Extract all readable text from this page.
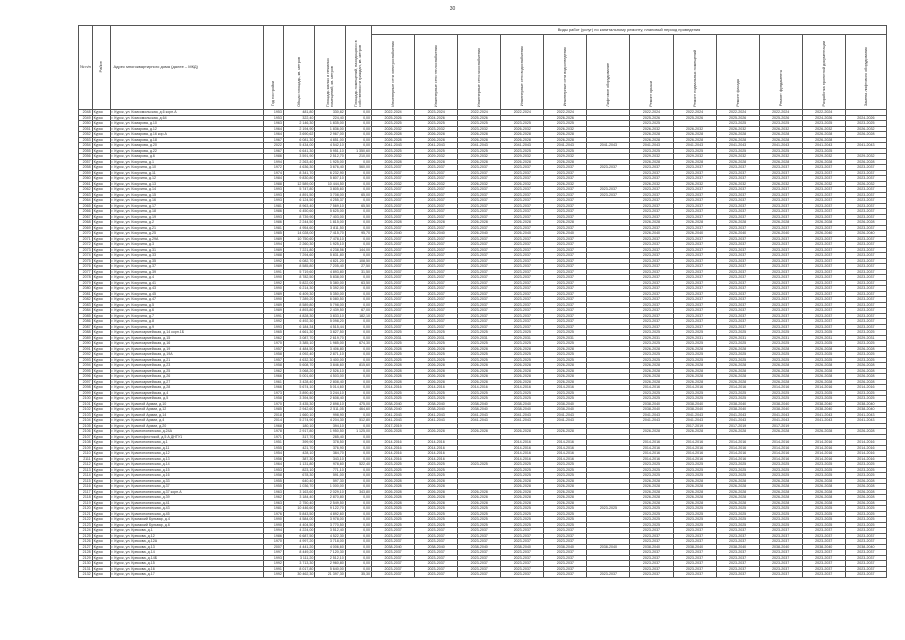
30
№ п/п	Район	Адрес многоквартирного дома (далее – МКД)	Год постройки	Общая площадь, кв. метров	Площадь жилых и нежилых помещений, кв. метров	Площадь помещений, находящихся в собственности граждан, кв. метров	Виды работ (услуг) по капитальному ремонту, плановый период проведения											
							Инженерные сети электроснабжения	Инженерные сети теплоснабжения	Инженерные сети газоснабжения	Инженерные сети водоснабжения	Инженерные сети водоотведения	Лифтовое оборудование	Ремонт крыши	Ремонт подвальных помещений	Ремонт фасада	Ремонт фундамента	Разработка проектной документации	Замена лифтового оборудования
2048	Курск	г. Курск, ул. Комсомольская, д.6 корп.А	1953	481,80	330,82	0,00	2022-2024	2023-2024	2022-2024	2022-2024	2022-2024		2022-2024	2022-2024	2022-2024	2022-2024	2022-2024	
2049	Курск	г. Курск, ул. Комсомольская, д.64	1953	322,40	224,40	0,00	2025-2026	2024-2026	2025-2026		2026-2026		2025-2026	2025-2026	2025-2026	2025-2026	2024-2026	2024-2026
2050	Курск	г. Курск, ул. Комарова, д.10	1963	2 146,30	1 835,00	0,00	2023-2025	2023-2025	2023-2025	2023-2025	2023-2025		2023-2025		2023-2025	2023-2025	2023-2025	2023-2025
2051	Курск	г. Курск, ул. Комарова, д.12	1964	2 194,90	1 836,00	0,00	2026-2032	2023-2032	2023-2032	2026-2032	2026-2032		2026-2032	2026-2032	2026-2032	2026-2032	2026-2032	2026-2032
2052	Курск	г. Курск, ул. Комарова, д.16 кор.А	1964	3 690,62	2 967,00	0,00	2026-2028	2026-2028	2026-2028	2026-2028	2026-2028		2026-2028	2026-2028	2026-2028	2026-2028	2026-2028	2026-2028
2053	Курск	г. Курск, ул. Комарова, д.18	1967	6 081,30	4 851,00	0,00	2026-2028	2026-2028	2026-2028	2026-2028	2026-2028		2026-2028	2026-2028	2026-2028	2026-2028	2026-2028	
2054	Курск	г. Курск, ул. Комарова, д.20	2022	5 434,00	4 542,10	0,00	2041-2043	2041-2043	2041-2043	2041-2043	2041-2043	2041-2043	2041-2043	2041-2043	2041-2043	2041-2043	2041-2043	2041-2043
2055	Курск	г. Курск, ул. Комарова, д.22	1967	6 641,30	5 951,10	1 350,60	2023-2025	2023-2025	2023-2025	2023-2025	2023-2025		2023-2025	2023-2025	2023-2025	2023-2025	2023-2025	
2056	Курск	г. Курск, ул. Комарова, д.6	1986	3 591,90	2 512,70	210,00	2029-2032	2029-2032	2029-2032	2029-2032	2029-2032		2029-2032	2029-2032	2029-2032	2029-2032	2029-2032	2029-2032
2057	Курск	г. Курск, ул. Косухина, д.1	1994	2 263,40	1 925,00	0,00	2026-2028	2026-2028	2026-2028	2026-2028	2026-2028		2026-2028	2026-2028	2026-2028	2026-2028	2026-2028	2026-2028
2058	Курск	г. Курск, ул. Косухина, д.10	1972	4 636,30	3 676,40	560,00	2023-2037	2023-2037	2023-2037	2023-2037	2023-2037	2023-2037	2023-2037	2023-2037	2023-2037	2023-2037	2023-2037	2023-2037
2059	Курск	г. Курск, ул. Косухина, д.11	1974	8 341,70	6 232,90	0,00	2023-2037	2023-2037	2023-2037	2023-2037	2023-2037		2023-2037	2023-2037	2023-2037	2023-2037	2023-2037	2023-2037
2060	Курск	г. Курск, ул. Косухина, д.12	1984	9 830,80	5 807,10	0,00	2023-2037	2023-2037	2023-2037	2023-2037	2023-2037		2023-2037	2023-2037	2023-2037	2023-2037	2023-2037	2023-2037
2061	Курск	г. Курск, ул. Косухина, д.13	1988	12 589,00	10 444,50	0,00	2026-2032	2026-2032	2026-2032	2026-2032	2026-2032		2026-2032	2026-2032	2026-2032	2026-2032	2026-2032	2026-2032
2062	Курск	г. Курск, ул. Косухина, д.14	1993	5 747,80	3 805,60	0,00	2023-2037	2023-2037	2023-2037	2023-2037	2023-2037	2023-2037	2023-2037	2023-2037	2023-2037	2023-2037	2023-2037	2023-2037
2063	Курск	г. Курск, ул. Косухина, д.15	1993	4 891,50	3 708,00	65,00	2023-2037	2023-2037	2023-2037	2023-2037	2023-2037	2023-2037	2023-2037	2023-2037	2023-2037	2023-2037	2023-2037	2023-2037
2064	Курск	г. Курск, ул. Косухина, д.16	1993	6 124,50	4 255,37	0,00	2023-2037	2023-2037	2023-2037	2023-2037	2023-2037		2023-2037	2023-2037	2023-2037	2023-2037	2023-2037	2023-2037
2065	Курск	г. Курск, ул. Косухина, д.17	1981	8 963,40	7 569,10	65,50	2023-2037	2023-2037	2023-2037	2023-2037	2023-2037		2023-2037	2023-2037	2023-2037	2023-2037	2023-2037	2023-2037
2066	Курск	г. Курск, ул. Косухина, д.18	1986	6 450,60	5 625,00	0,00	2023-2037	2023-2037	2023-2037	2023-2037	2023-2037		2023-2037	2023-2037	2023-2037	2023-2037	2023-2037	2023-2037
2067	Курск	г. Курск, ул. Косухина, д.19	1993	8 739,90	7 403,00	0,00	2023-2037	2023-2037	2023-2037	2023-2037	2023-2037		2023-2037	2023-2037	2023-2037	2023-2037	2023-2037	2023-2037
2068	Курск	г. Курск, ул. Косухина, д.2	1986	2 244,50	1 815,00	0,00	2026-2028	2026-2028	2026-2028	2026-2028	2026-2028		2026-2028	2026-2028	2026-2028	2026-2028	2026-2028	2026-2028
2069	Курск	г. Курск, ул. Косухина, д.21	1981	4 954,60	3 811,50	0,00	2023-2037	2023-2037	2023-2037	2023-2037	2023-2037		2023-2037	2023-2037	2023-2037	2023-2037	2023-2037	2023-2037
2070	Курск	г. Курск, ул. Косухина, д.25	1985	14 028,00	7 415,70	95,70	2026-2040	2026-2040	2026-2040	2026-2040	2026-2040		2026-2040	2026-2040	2026-2040	2026-2040	2026-2040	2026-2040
2071	Курск	г. Курск, ул. Косухина, д.29А	1989	10 750,60	7 478,10	0,00	2023-2037	2023-2037	2023-2037	2023-2037	2023-2037		2023-2037	2023-2037	2023-2037	2023-2037	2023-2037	2023-2037
2072	Курск	г. Курск, ул. Косухина, д.3	1994	2 260,30	1 925,10	0,00	2023-2037	2023-2037	2023-2037	2023-2037	2023-2037		2023-2037	2023-2037	2023-2037	2023-2037	2023-2037	2023-2037
2073	Курск	г. Курск, ул. Косухина, д.31	1989	7 221,80	4 238,56	144,00	2023-2037	2023-2037	2023-2037	2023-2037	2023-2037		2023-2037	2023-2037	2023-2037	2023-2037	2023-2037	2023-2037
2074	Курск	г. Курск, ул. Косухина, д.33	1988	7 294,60	5 831,80	0,00	2023-2037	2023-2037	2023-2037	2023-2037	2023-2037		2023-2037	2023-2037	2023-2037	2023-2037	2023-2037	2023-2037
2075	Курск	г. Курск, ул. Косухина, д.35	1992	6 082,70	4 821,20	108,50	2023-2037	2023-2037	2023-2037	2023-2037	2023-2037		2023-2037	2023-2037	2023-2037	2023-2037	2023-2037	2023-2037
2076	Курск	г. Курск, ул. Косухина, д.37	1989	8 585,80	7 205,40	27,50	2023-2037	2023-2037	2023-2037	2023-2037	2023-2037		2023-2037	2023-2037	2023-2037	2023-2037	2023-2037	2023-2037
2077	Курск	г. Курск, ул. Косухина, д.39	1991	5 719,60	4 893,80	31,50	2023-2037	2023-2037	2023-2037	2023-2037	2023-2037		2023-2037	2023-2037	2023-2037	2023-2037	2023-2037	2023-2037
2078	Курск	г. Курск, ул. Косухина, д.4	1990	8 782,50	5 838,00	0,00	2023-2037	2023-2037	2023-2037	2023-2037	2023-2037		2023-2037	2023-2037	2023-2037	2023-2037	2023-2037	2023-2037
2079	Курск	г. Курск, ул. Косухина, д.41	1992	5 822,00	5 380,00	63,50	2023-2037	2023-2037	2023-2037	2023-2037	2023-2037		2023-2037	2023-2037	2023-2037	2023-2037	2023-2037	2023-2037
2080	Курск	г. Курск, ул. Косухина, д.43	1990	6 214,30	5 392,00	0,00	2023-2037	2023-2037	2023-2037	2023-2037	2023-2037		2023-2037	2023-2037	2023-2037	2023-2037	2023-2037	2023-2037
2081	Курск	г. Курск, ул. Косухина, д.45	1989	6 409,30	5 350,00	0,00	2023-2037	2023-2037	2023-2037	2023-2037	2023-2037		2023-2037	2023-2037	2023-2037	2023-2037	2023-2037	2023-2037
2082	Курск	г. Курск, ул. Косухина, д.47	1990	7 289,20	6 080,50	0,00	2023-2037	2023-2037	2023-2037	2023-2037	2023-2037		2023-2037	2023-2037	2023-2037	2023-2037	2023-2037	2023-2037
2083	Курск	г. Курск, ул. Косухина, д.5	1989	8 589,80	5 798,00	0,00	2023-2037	2023-2037	2023-2037	2023-2037	2023-2037		2023-2037	2023-2037	2023-2037	2023-2037	2023-2037	2023-2037
2084	Курск	г. Курск, ул. Косухина, д.6	1989	4 893,80	2 439,50	67,00	2023-2037	2023-2037	2023-2037	2023-2037	2023-2037		2023-2037	2023-2037	2023-2037	2023-2037	2023-2037	2023-2037
2085	Курск	г. Курск, ул. Косухина, д.7	1991	4 828,30	3 833,10	182,10	2023-2037	2023-2037	2023-2037	2023-2037	2023-2037		2023-2037	2023-2037	2023-2037	2023-2037	2023-2037	2023-2037
2086	Курск	г. Курск, ул. Косухина, д.8	1992	6 492,30	5 098,20	0,00	2023-2037	2023-2037	2023-2037	2023-2037	2023-2037		2023-2037	2023-2037	2023-2037	2023-2037	2023-2037	2023-2037
2087	Курск	г. Курск, ул. Косухина, д.9	1993	6 184,34	4 515,44	0,00	2023-2037	2023-2037	2023-2037	2023-2037	2023-2037		2023-2037	2023-2037	2023-2037	2023-2037	2023-2037	2023-2037
2088	Курск	г. Курск, ул. Красноармейская, д.14 корп.1Б	1965	4 661,30	3 827,50	0,00	2023-2025	2023-2025	2023-2025	2023-2025	2023-2025		2023-2025	2023-2025	2023-2025	2023-2025	2023-2025	2023-2025
2089	Курск	г. Курск, ул. Красноармейская, д.15	1962	3 087,70	2 619,70	0,00	2029-2031	2029-2031	2029-2031	2029-2031	2029-2031		2029-2031	2029-2031	2029-2031	2029-2031	2029-2031	2029-2031
2090	Курск	г. Курск, ул. Красноармейская, д.16	1970	3 385,10	1 985,00	674,30	2023-2025	2023-2025	2023-2025	2023-2025	2023-2025		2023-2025	2023-2025	2023-2025	2023-2025	2023-2025	2023-2025
2091	Курск	г. Курск, ул. Красноармейская, д.19	1957	4 484,50	3 406,80	0,00	2026-2028	2026-2028	2026-2028	2026-2028	2026-2028		2026-2028	2026-2028	2026-2028	2026-2028	2026-2028	2026-2028
2092	Курск	г. Курск, ул. Красноармейская, д.19А	1958	4 092,40	2 871,10	0,00	2023-2025	2023-2025	2023-2025	2023-2025	2023-2025		2023-2025	2023-2025	2023-2025	2023-2025	2023-2025	2023-2025
2093	Курск	г. Курск, ул. Красноармейская, д.21	1957	4 632,30	3 400,00	0,00	2023-2025	2023-2025	2023-2025	2023-2025	2023-2025		2023-2025	2023-2025	2023-2025	2023-2025	2023-2025	2023-2025
2094	Курск	г. Курск, ул. Красноармейская, д.23	1958	5 608,70	3 846,60	815,60	2026-2028	2026-2028	2026-2028	2026-2028	2026-2028		2026-2028	2026-2028	2026-2028	2026-2028	2026-2028	2026-2028
2095	Курск	г. Курск, ул. Красноармейская, д.25	1962	3 068,20	2 526,10	0,00	2026-2028	2026-2028	2026-2028	2026-2028	2026-2028		2026-2028	2026-2028	2026-2028	2026-2028	2026-2028	2026-2028
2096	Курск	г. Курск, ул. Красноармейская, д.26	1966	5 001,60	4 503,00	0,00	2026-2028	2026-2028	2026-2028	2026-2028	2026-2028		2026-2028	2026-2028	2026-2028	2026-2028	2026-2028	2026-2028
2097	Курск	г. Курск, ул. Красноармейская, д.27	1961	3 428,40	2 808,40	0,00	2026-2028	2026-2028	2026-2028	2026-2028	2026-2028		2026-2028	2026-2028	2026-2028	2026-2028	2026-2028	2026-2028
2098	Курск	г. Курск, ул. Красноармейская, д.28	1966	5 674,10	5 014,60	0,00	2014-2016	2014-2016	2014-2016	2014-2016	2014-2016		2014-2016	2014-2016	2014-2016	2014-2016	2014-2016	2014-2016
2099	Курск	г. Курск, ул. Красноармейская, д.4	1973	3 890,40	3 244,10	0,00	2023-2025	2023-2025	2023-2025	2023-2025	2023-2025		2023-2025	2023-2025	2023-2025	2023-2025	2023-2025	2023-2025
2100	Курск	г. Курск, ул. Красноармейская, д.5	1958	3 394,50	2 608,40	0,00	2023-2025	2023-2025	2023-2025	2023-2025	2023-2025		2023-2025	2023-2025	2023-2025	2023-2025	2023-2025	2023-2025
2101	Курск	г. Курск, ул. Красной Армии, д.10	1970	3 435,30	2 898,10	475,00	2038-2040	2038-2040	2038-2040	2038-2040	2038-2040		2038-2040	2038-2040	2038-2040	2038-2040	2038-2040	2038-2040
2102	Курск	г. Курск, ул. Красной Армии, д.12	1985	2 942,60	2 511,05	464,60	2038-2040	2038-2040	2038-2040	2038-2040	2038-2040		2038-2040	2038-2040	2038-2040	2038-2040	2038-2040	2038-2040
2103	Курск	г. Курск, ул. Красной Армии, д.14	2018	1 660,10	998,90	0,00	2041-2043	2041-2043	2041-2043	2041-2043	2041-2043		2041-2043	2041-2043	2041-2043	2041-2043	2041-2043	2041-2043
2104	Курск	г. Курск, ул. Красной Армии, д.4	2014	5 274,90	4 204,30	512,80	2041-2043	2041-2043	2041-2043	2041-2043	2041-2043		2041-2043	2041-2043	2041-2043	2041-2043	2041-2043	2041-2043
2105	Курск	г. Курск, ул. Красной Армии, д.20	1968	180,10	394,10	0,00	2017-2019							2017-2019	2017-2019	2017-2019		
2106	Курск	г. Курск, ул. Краснополянская, д.24А	1978	2 917,80	1 950,50	1 125,00	2026-2028	2026-2028	2026-2028	2026-2028	2026-2028		2026-2028	2026-2028	2026-2028	2026-2028	2026-2028	2026-2028
2107	Курск	г. Курск, ул. Краснофлотской, д.5 А ДНТУ1	1971	317,70	285,40	0,00												
2108	Курск	г. Курск, ул. Краснополянская, д.1	1951	399,90	378,50	0,00	2014-2016	2014-2016		2014-2016	2014-2016		2014-2016	2014-2016	2014-2016	2014-2016	2014-2016	2014-2016
2109	Курск	г. Курск, ул. Краснополянская, д.11	1955	421,70	376,90	0,00	2014-2016	2014-2016		2014-2016	2014-2016		2014-2016	2014-2016	2014-2016	2014-2016	2014-2016	2014-2016
2110	Курск	г. Курск, ул. Краснополянская, д.12	1954	428,10	384,70	0,00	2014-2016	2014-2016		2014-2016	2014-2016		2014-2016	2014-2016	2014-2016	2014-2016	2014-2016	2014-2016
2111	Курск	г. Курск, ул. Краснополянская, д.13	1956	387,30	343,10	0,00	2014-2016	2014-2016		2014-2016	2014-2016		2014-2016	2014-2016	2014-2016	2014-2016	2014-2016	2014-2016
2112	Курск	г. Курск, ул. Краснополянская, д.14	1964	1 131,80	978,60	522,40	2023-2025	2023-2025	2023-2025	2023-2025	2023-2025		2023-2025	2023-2025	2023-2025	2023-2025	2023-2025	2023-2025
2113	Курск	г. Курск, ул. Краснополянская, д.15	1953	823,10	771,10	0,00	2023-2025	2023-2025		2023-2025	2023-2025		2023-2025	2023-2025	2023-2025	2023-2025	2023-2025	2023-2025
2114	Курск	г. Курск, ул. Краснополянская, д.16	1958	678,30	591,00	0,00	2023-2025	2023-2025		2023-2025	2023-2025		2023-2025	2023-2025	2023-2025	2023-2025	2023-2025	2023-2025
2115	Курск	г. Курск, ул. Краснополянская, д.33	1955	640,40	597,30	0,00	2026-2028	2026-2028		2026-2028	2026-2028		2026-2028	2026-2028	2026-2028	2026-2028	2026-2028	2026-2028
2116	Курск	г. Курск, ул. Краснополянская, д.37	1955	1 036,70	1 000,00	0,00	2026-2028	2026-2028		2026-2028	2026-2028		2026-2028	2026-2028	2026-2028	2026-2028	2026-2028	2026-2028
2117	Курск	г. Курск, ул. Краснополянская, д.37 корп.А	1963	3 163,60	2 029,10	343,80	2026-2028	2026-2028	2026-2028	2026-2028	2026-2028		2026-2028	2026-2028	2026-2028	2026-2028	2026-2028	2026-2028
2118	Курск	г. Курск, ул. Краснополянская, д.39	1962	3 184,40	2 870,80	0,00	2026-2028	2026-2028	2026-2028	2026-2028	2026-2028		2026-2028	2026-2028	2026-2028	2026-2028	2026-2028	2026-2028
2119	Курск	г. Курск, ул. Краснополянская, д.41	1963	2 750,40	2 549,50	0,00	2026-2028	2026-2028	2026-2028	2026-2028	2026-2028		2026-2028	2026-2028	2026-2028	2026-2028	2026-2028	2026-2028
2120	Курск	г. Курск, ул. Краснополянская, д.43	1981	10 446,60	9 122,70	0,00	2023-2025	2023-2025	2023-2025	2023-2025	2023-2025	2023-2025	2023-2025	2023-2025	2023-2025	2023-2025	2023-2025	2023-2025
2121	Курск	г. Курск, ул. Краснополянская, д.45	1976	5 843,50	4 892,60	0,00	2023-2025	2023-2025	2023-2025	2023-2025	2023-2025		2023-2025	2023-2025	2023-2025	2023-2025	2023-2025	2023-2025
2122	Курск	г. Курск, ул. Крымский Бульвар, д.4	1990	4 584,00	3 978,00	0,00	2023-2025	2023-2025	2023-2025	2023-2025	2023-2025		2023-2025	2023-2025	2023-2025	2023-2025	2023-2025	2023-2025
2123	Курск	г. Курск, ул. Крымский Бульвар, д.6	1990	4 404,50	3 770,50	0,00	2023-2025	2023-2025	2023-2025	2023-2025	2023-2025		2023-2025	2023-2025	2023-2025	2023-2025	2023-2025	2023-2025
2124	Курск	г. Курск, ул. Крюкова, д.1	1994	4 224,00	3 512,40	0,00	2023-2037	2023-2037	2023-2037	2023-2037	2023-2037		2023-2037	2023-2037	2023-2037	2023-2037	2023-2037	2023-2037
2125	Курск	г. Курск, ул. Крюкова, д.12	1986	6 687,50	4 522,30	0,00	2023-2037	2023-2037	2023-2037	2023-2037	2023-2037		2023-2037	2023-2037	2023-2037	2023-2037	2023-2037	2023-2037
2126	Курск	г. Курск, ул. Крюкова, д.12А	1970	4 997,20	3 718,00	0,00	2023-2037	2023-2037	2023-2037	2023-2037	2023-2037		2023-2037	2023-2037	2023-2037	2023-2037	2023-2037	2023-2037
2127	Курск	г. Курск, ул. Крюкова, д.13	2007	4 441,20	4 006,60	0,00	2038-2040	2038-2040	2038-2040	2038-2040	2038-2040	2038-2040	2038-2040	2038-2040	2038-2040	2038-2040	2038-2040	2038-2040
2128	Курск	г. Курск, ул. Крюкова, д.14	1997	8 449,20	7 120,30	0,00	2023-2037	2023-2037	2023-2037	2023-2037	2023-2037		2023-2037	2023-2037	2023-2037	2023-2037	2023-2037	2023-2037
2129	Курск	г. Курск, ул. Крюкова, д.14Б	1993	3 111,20	2 512,10	0,00	2023-2037	2023-2037	2023-2037	2023-2037	2023-2037		2023-2037	2023-2037	2023-2037	2023-2037	2023-2037	2023-2037
2130	Курск	г. Курск, ул. Крюкова, д.15	1992	3 713,30	2 960,80	0,00	2023-2037	2023-2037	2023-2037	2023-2037	2023-2037		2023-2037	2023-2037	2023-2037	2023-2037	2023-2037	2023-2037
2131	Курск	г. Курск, ул. Крюкова, д.16	1991	8 017,80	5 640,00	0,00	2023-2037	2023-2037	2023-2037	2023-2037	2023-2037		2023-2037	2023-2037	2023-2037	2023-2037	2023-2037	2023-2037
2132	Курск	г. Курск, ул. Крюкова, д.17	1992	30 462,30	21 397,30	35,30	2023-2037	2023-2037	2023-2037	2023-2037	2023-2037	2023-2037	2023-2037	2023-2037	2023-2037	2023-2037	2023-2037	2023-2037
